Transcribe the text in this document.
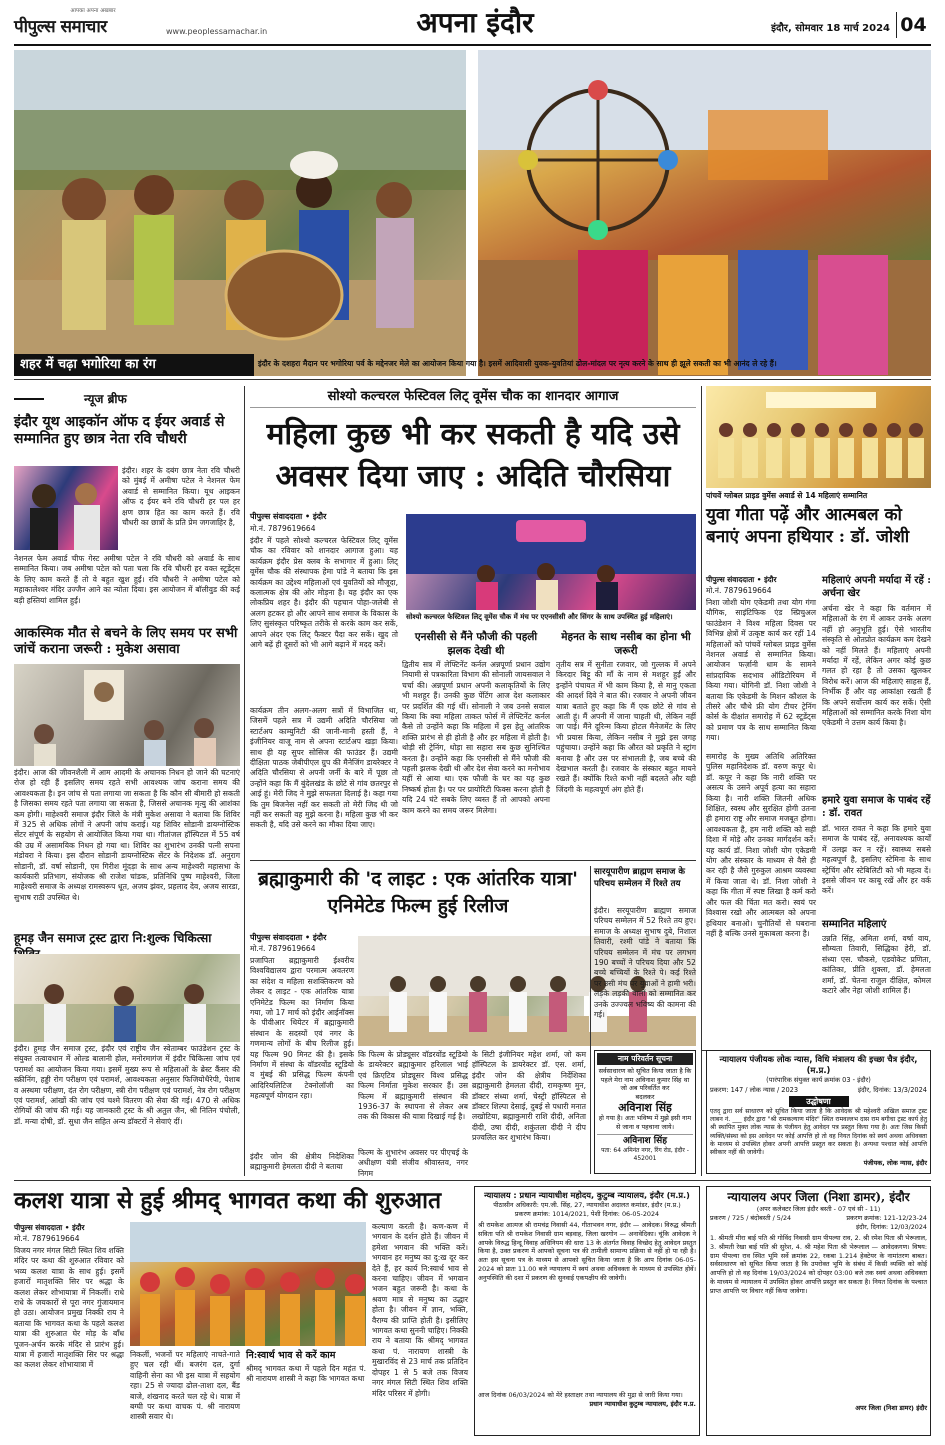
आपका अपना अखबार
पीपुल्स समाचार	www.peoplessamachar.in	अपना इंदौर	इंदौर, सोमवार 18 मार्च 2024 04
शहर में चढ़ा भगोरिया का रंग	इंदौर के दशहरा मैदान पर भगोरिया पर्व के मद्देनजर मेले का आयोजन किया गया है। इसमें आदिवासी युवक-युवतियां ढोल-मांदल पर नृत्य करने के साथ ही झूले सकती का भी आनंद ले रहे हैं।
न्यूज ब्रीफ
इंदौर यूथ आइकॉन ऑफ द ईयर अवार्ड से सम्मानित हुए छात्र नेता रवि चौधरी
इंदौर। शहर के दबंग छात्र नेता रवि चौधरी को मुंबई में अमीषा पटेल ने नेशनल फेम अवार्ड से सम्मानित किया। यूथ आइकन ऑफ द ईयर बने रवि चौधरी हर पल हर क्षण छात्र हित का काम करते हैं। रवि चौधरी का छात्रों के प्रति प्रेम जगजाहिर है,
नेशनल फेम अवार्ड चीफ गेस्ट अमीषा पटेल ने रवि चौधरी को अवार्ड के साथ सम्मानित किया। जब अमीषा पटेल को पता चला कि रवि चौधरी हर वक्त स्टूडेंट्स के लिए काम करते हैं तो वे बहुत खुश हुईं। रवि चौधरी ने अमीषा पटेल को महाकालेश्वर मंदिर उज्जैन आने का न्योता दिया। इस आयोजन में बॉलीवुड की कई बड़ी हस्तियां शामिल हुईं।
आकस्मिक मौत से बचने के लिए समय पर सभी जांचें कराना जरूरी : मुकेश असावा
इंदौर। आज की जीवनशैली में आम आदमी के अचानक निधन हो जाने की घटनाएं रोज हो रही हैं इसलिए समय रहते सभी आवश्यक जांच कराना समय की आवश्यकता है। इन जांच से पता लगाया जा सकता है कि कौन सी बीमारी हो सकती है जिसका समय रहते पता लगाया जा सकता है, जिससे अचानक मृत्यु की आशंका कम होगी। माहेश्वरी समाज इंदौर जिले के मंत्री मुकेश असावा ने बताया कि शिविर में 325 से अधिक लोगों ने अपनी जांच कराई। यह शिविर सोडानी डायग्नोस्टिक सेंटर संपूर्ण के सहयोग से आयोजित किया गया था। गीतांजल हॉस्पिटल में 55 वर्ष की उम्र में असामयिक निधन हो गया था। शिविर का शुभारंभ उनकी पत्नी सपना मंडोवरा ने किया। इस दौरान सोडानी डायग्नोस्टिक सेंटर के निदेशक डॉ. अनुराग सोडानी, डॉ. वर्षा सोडानी, एम गिरीश मूंदड़ा के साथ अन्य माहेश्वरी महासभा के कार्यकारी प्रतिभाग, संयोजक श्री राजेश चांडक, प्रतिनिधि पुष्प माहेश्वरी, जिला माहेश्वरी समाज के अध्यक्ष रामस्वरूप धूत, अजय झंवर, प्रहलाद देव, अजय सारडा, सुभाष राठी उपस्थित थे।
हूमड़ जैन समाज ट्रस्ट द्वारा नि:शुल्क चिकित्सा
इंदौर। हूमड़ जैन समाज ट्रस्ट, इंदौर एवं राष्ट्रीय जैन स्वेताम्बर फाउंडेशन ट्रस्ट के संयुक्त तत्वावधान में ओल्ड बालानी होल, मनोरमागंज में इंदौर चिकित्सा जांच एवं परामर्श का आयोजन किया गया। इसमें मुख्य रूप से महिलाओं के ब्रेस्ट कैंसर की स्क्रीनिंग, हड्डी रोग परीक्षण एवं परामर्श, आवश्यकता अनुसार फिजियोथैरेपी, पेशाब व अस्थमा परीक्षण, दंत रोग परीक्षण, स्त्री रोग परीक्षण एवं परामर्श, नेत्र रोग परीक्षण एवं परामर्श, आंखों की जांच एवं चश्मे वितरण की सेवा की गई। 470 से अधिक रोगियों की जांच की गई। यह जानकारी ट्रस्ट के श्री अतुल जैन, श्री नितिन पंचोली, डॉ. मन्या दोषी, डॉ. सुधा जैन सहित अन्य डॉक्टरों ने सेवाएं दीं।
सोश्यो कल्चरल फेस्टिवल लिट् वूमेंस चौक का शानदार आगाज
महिला कुछ भी कर सकती है यदि उसे अवसर दिया जाए : अदिति चौरसिया
पीपुल्स संवाददाता • इंदौर
मो.नं. 7879619664
इंदौर में पहले सोश्यो कल्चरल फेस्टिवल लिट् वूमेंस चौक का रविवार को शानदार आगाज हुआ। यह कार्यक्रम इंदौर प्रेस क्लब के सभागार में हुआ। लिट् वूमेंस चौक की संस्थापक हेमा पांडे ने बताया कि इस कार्यक्रम का उद्देश्य महिलाओं एवं युवतियों को मौजूदा, कलात्मक क्षेत्र की ओर मोड़ना है। यह इंदौर का एक लोकप्रिय शहर है। इंदौर की पहचान पोहा-जलेबी से अलग हटकर हो और आपने साथ समाज के विकास के लिए सुसंस्कृत परिष्कृत तरीके से करके काम कर सकें, आपने अंदर एक लिट् फैक्टर पैदा कर सकें। खुद तो आगे बढ़ें ही दूसरों को भी आगे बढ़ाने में मदद करें।
कार्यक्रम तीन अलग-अलग सत्रों में विभाजित था, जिसमें पहले सत्र में उद्यमी अदिति चौरसिया जो स्टार्टअप काम्युनिटी की जानी-मानी हस्ती हैं, ने इंजीनियर वाजू नाम से अपना स्टार्टअप खड़ा किया। साथ ही यह सुपर सोसिज की फाउंडर हैं। उद्यमी दीक्षिता पाठक जेबीपीएल ग्रुप की मैनेजिंग डायरेक्टर ने अदिति चौरसिया से अपनी जर्नी के बारे में पूछा तो उन्होंने कहा कि मैं बुंदेलखंड के छोटे से गांव छतरपुर से आई हूं। मेरी जिद ने मुझे सफलता दिलाई है। कहा गया कि तुम बिजनेस नहीं कर सकती तो मेरी जिद थी जो नहीं कर सकती वह मुझे करना है। महिला कुछ भी कर सकती है, यदि उसे करने का मौका दिया जाए।
सोश्यो कल्चरल फेस्टिवल लिट् वूमेंस चौक में मंच पर एएनसीसी और सिंगर के साथ उपस्थित हुई महिलाएं।
एनसीसी से मैंने फौजी की पहली झलक देखी थी
द्वितीय सत्र में लेफ्टिनेंट कर्नल अन्नपूर्णा प्रधान उद्योग नियामी से पत्रकारिता विभाग की सोनाली जायसवाल ने चर्चा की। अन्नपूर्णा प्रधान अपनी कलाकृतियों के लिए भी मशहूर हैं। उनकी कुछ पेंटिंग आज देश कलाकार पर प्रदर्शित की गई थीं। सोनाली ने जब उनसे सवाल किया कि क्या महिला ताकत फोर्स में लेफ्टिनेंट कर्नल कैसे तो उन्होंने कहा कि महिला में इस हेतु आंतरिक शक्ति प्रारंभ से ही होती है और हर महिला में होती है। थोड़ी सी ट्रेनिंग, थोड़ा सा सहारा सब कुछ सुनिश्चित करता है। उन्होंने कहा कि एनसीसी से मैंने फौजी की पहली झलक देखी थी और देश सेवा करने का मनोभाव यहीं से आया था। एक फौजी के घर का यह कुछ निष्कर्ष होता है। पर पर प्रायोरिटी फिक्स करना होती है यदि 24 घंटे सबके लिए व्यस्त हैं तो आपको अपना काम करने का समय जरूर मिलेगा।
मेहनत के साथ नसीब का होना भी जरूरी
तृतीय सत्र में सुनीता रजवार, जो गुल्लक में अपने किरदार बिट्टू की माँ के नाम से मशहूर हुईं और इन्होंने पंचायत में भी काम किया है, से मानु एकता की आदर्श दिवे ने बात की। रजवार ने अपनी जीवन यात्रा बताते हुए कहा कि मैं एक छोटे से गांव से आती हूं। मैं अपनी में जाना चाहती थी, लेकिन नहीं जा पाई। मैंने दूरिन्म किया होटल मैनेजमेंट के लिए भी प्रयास किया, लेकिन नसीब ने मुझे इस जगह पहुंचाया। उन्होंने कहा कि औरत को प्रकृति ने स्ट्रांग बनाया है और उस पर संभालती है, जब बच्चे की देखभाल करती है। रजवार के संस्कार बहुत मायने रखते हैं। क्योंकि रिश्ते कभी नहीं बदलते और यही जिंदगी के महत्वपूर्ण अंग होते हैं।
पांचवें ग्लोबल प्राइड वुमेंस अवार्ड से 14 महिलाएं सम्मानित
युवा गीता पढ़ें और आत्मबल को बनाएं अपना हथियार : डॉ. जोशी
पीपुल्स संवाददाता • इंदौर
मो.नं. 7879619664
निशा जोशी योग एकेडमी तथा योग गंगा यौगिक, साइंटिफिक एंड स्प्रिचुअल फाउंडेशन ने विश्व महिला दिवस पर विभिन्न क्षेत्रों में उत्कृष्ट कार्य कर रहीं 14 महिलाओं को पांचवें ग्लोबल प्राइड वुमेंस नेशनल अवार्ड से सम्मानित किया। आयोजन फर्ज़ानी धाम के सामने सांप्रदायिक सदभाव ऑडिटोरियम में किया गया। योगिनी डॉ. निशा जोशी ने बताया कि एकेडमी के मिशन कौशल के तीसरे और चौथे फ्री योग टीचर ट्रेनिंग कोर्स के दीक्षांत समारोह में 62 स्टूडेंट्स को प्रमाण पत्र के साथ सम्मानित किया गया।
समारोह के मुख्य अतिथि अतिरिक्त पुलिस महानिदेशक डॉ. वरुण कपूर थे। डॉ. कपूर ने कहा कि नारी शक्ति पर असत्य के उसने अपूर्व हत्या का सहारा किया है। नारी शक्ति जितनी अधिक शिक्षित, स्वस्थ और सुरक्षित होगी उतना ही हमारा राष्ट्र और समाज मजबूत होगा। आवश्यकता है, हम नारी शक्ति को सही दिशा में मोड़े और उनका मार्गदर्शन करें। यह कार्य डॉ. निशा जोशी योग एकेडमी योग और संस्कार के माध्यम से वैसे ही कर रही है जैसे गुरुकुल आश्रम व्यवस्था में किया जाता थे। डॉ. निशा जोशी ने कहा कि गीता में स्पष्ट लिखा है कर्म करो और फल की चिंता मत करो। स्वयं पर विश्वास रखो और आत्मबल को अपना हथियार बनाओ। चुनौतियों से घबराना नहीं है बल्कि उनसे मुकाबला करना है।
महिलाएं अपनी मर्यादा में रहें : अर्चना खेर
अर्चना खेर ने कहा कि वर्तमान में महिलाओं के रंग में आकर उनके अलग नहीं हो अनुभूति हुई। ऐसे भारतीय संस्कृति से ओतप्रोत कार्यक्रम कम देखने को नहीं मिलते हैं। महिलाएं अपनी मर्यादा में रहें, लेकिन अगर कोई कुछ गलत हो रहा है तो उसका खुलकर विरोध करें। आज की महिलाएं साहस हैं, निर्भीक हैं और वह आकांक्षा रखती हैं कि अपने सर्वोत्तम कार्य कर सकें। ऐसी महिलाओं को सम्मानित करके निशा योग एकेडमी ने उत्तम कार्य किया है।
हमारे युवा समाज के पाबंद रहें : डॉ. रावत
डॉ. भारत रावत ने कहा कि हमारे युवा समाज के पाबंद रहें, अनावश्यक कार्यों में उलझ कर न रहें। स्वास्थ्य सबसे महत्वपूर्ण है, इसलिए स्टेमिना के साथ स्ट्रेचिंग और स्टेबिलिटी को भी महत्व दें। इससे जीवन पर काबू रखें और हर वर्क करें।
सम्मानित महिलाएं
उन्नति सिंह, अमिता शर्मा, वर्षा वाय, सौम्यता तिवारी, सिद्धिका हेरी, डॉ. संध्या एस. चौकसे, एडवोकेट प्रणिता, कांतिका, प्रीति शुक्ला, डॉ. हेमलता शर्मा, डॉ. चेतना राजुल दीक्षित, कोमल कटारे और नेहा जोशी शामिल हैं।
ब्रह्माकुमारी की 'द लाइट : एक आंतरिक यात्रा' एनिमेटेड फिल्म हुई रिलीज
पीपुल्स संवाददाता • इंदौर
मो.नं. 7879619664
प्रजापिता ब्रह्माकुमारी ईश्वरीय विश्वविद्यालय द्वारा परमात्म अवतरण का संदेश व महिला सशक्तिकरण को लेकर द लाइट - एक आंतरिक यात्रा एनिमेटेड फिल्म का निर्माण किया गया, जो 17 मार्च को इंदौर आईनॉक्स के पीवीआर थियेटर में ब्रह्माकुमारी संस्थान के सदस्यों एवं नगर के गणमान्य लोगों के बीच रिलीज हुई। यह फिल्म 90 मिनट की है। इसके निर्माण में संस्था के वॉडरवोंड स्टूडियो व मुंबई की प्रसिद्ध फिल्म कंपनी आदिरियलिटिज टेक्नोलॉजी का महत्वपूर्ण योगदान रहा।
इंदौर जोन की क्षेत्रीय निदेशिका ब्रह्माकुमारी हेमलता दीदी ने बताया
कि फिल्म के प्रोड्यूसर वॉडरवोंड स्टूडियो के डायरेक्टर ब्रह्माकुमार हरिलाल भाई एवं क्रिएटिव प्रोड्यूसर विश्व प्रसिद्ध फिल्म निर्माता मुकेश सरकार हैं। उस फिल्म में ब्रह्माकुमारी संस्थान की 1936-37 के स्थापना से लेकर अब तक की विकास की यात्रा दिखाई गई है।
फिल्म के शुभारंभ अवसर पर पीएचई के अधीक्षण यंत्री संजीव श्रीवास्तव, नगर निगम
के सिटी इंजीनियर महेश शर्मा, जो कम हॉस्पिटल के डायरेक्टर डॉ. एस. शर्मा, इंदौर जोन की क्षेत्रीय निर्देशिका ब्रह्माकुमारी हेमलता दीदी, रामकृष्ण मुन, डॉक्टर संध्या शर्मा, चेस्ट्री हॉस्पिटल से डॉक्टर शिल्पा देसाई, दुबई से पधारी मनात लखोटिया, ब्रह्माकुमारी राशि दीदी, अनिता दीदी, उषा दीदी, शकुंतला दीदी ने दीप प्रज्वलित कर शुभारंभ किया।
नाम परिवर्तन सूचना
सर्वसाधारण को सूचित किया जाता है कि पहले मेरा नाम अविनाश कुमार सिंह था जो अब परिवर्तित कर
बदलकर
अविनाश सिंह
हो गया है। अतः भविष्य में मुझे इसी नाम से जाना व पहचाना जाये।
अविनाश सिंह
पता: 64 अमिनंत नगर, रिंग रोड, इंदौर - 452001
न्यायालय पंजीयक लोक न्यास, विधि मंत्रालय की इच्छा चैत्र इंदौर, (म.प्र.)
(पारंपारिक संयुक्त कार्य क्रमांक 03 - इंदौर)
प्रकरण: 147 / लोक न्यास / 2023	इंदौर, दिनांक: 13/3/2024
उद्घोषणा
एतद् द्वारा सर्व साधारण को सूचित किया जाता है कि आवेदक श्री महेश्वरी अखिल समाज ट्रस्ट लाबन नं. ___ इंदौर द्वारा "श्री रामकल्याण मंदिर" स्थित रामवल्लभ दास राम बगीचा ट्रस्ट कार्य हेतु श्री स्थापित मुक्त लोक न्यास के पंजीयन हेतु आवेदन पत्र प्रस्तुत किया गया है। अतः जिस किसी व्यक्ति/संस्था को इस आवेदन पर कोई आपत्ति हो तो वह नियत दिनांक को स्वयं अथवा अधिवक्ता के माध्यम से उपस्थित होकर अपनी आपत्ति प्रस्तुत कर सकता है। अन्यथा पश्चात कोई आपत्ति स्वीकार नहीं की जावेगी।
पंजीयक, लोक न्यास, इंदौर
कलश यात्रा से हुई श्रीमद् भागवत कथा की शुरुआत
पीपुल्स संवाददाता • इंदौर
मो.नं. 7879619664
विजय नगर मंगल सिटी स्थित शिव शक्ति मंदिर पर कथा की शुरुआत रविवार को भव्य कलश यात्रा के साथ हुई। इसमें हजारों मातृशक्ति सिर पर श्रद्धा के कलश लेकर शोभायात्रा में निकलीं। राधे राधे के जयकारों से पूरा नगर गुंजायमान हो उठा। आयोजन प्रमुख निक्की राय ने बताया कि भागवत कथा के पहले कलश यात्रा की शुरुआत घेर मोड़ के बाँध पूजन-अर्चन करके मंदिर से प्रारंभ हुई। यात्रा में हजारों मातृशक्ति सिर पर श्रद्धा का कलश लेकर शोभायात्रा में
निकलीं, भजनों पर महिलाएं नाचते-गाते हुए चल रही थीं। बजरंग दल, दुर्गा वाहिनी सेना का भी इस यात्रा में सहयोग रहा। 25 से ज्यादा ढोल-ताशा दल, बैंड बाजे, शंखनाद करते चल रहे थे। यात्रा में बग्घी पर कथा वाचक पं. श्री नारायण शास्त्री सवार थे।
नि:स्वार्थ भाव से करें काम
श्रीमद् भागवत कथा में पहले दिन महंत पं. श्री नारायण शास्त्री ने कहा कि भागवत कथा
कल्याण करती है। कण-कण में भगवान के दर्शन होते हैं। जीवन में हमेशा भगवान की भक्ति करें। भगवान हर मनुष्य का दु:ख दूर कर देते हैं, हर कार्य नि:स्वार्थ भाव से करना चाहिए। जीवन में भगवान भजन बहुत जरूरी है। कथा के श्रवण मात्र से मनुष्य का उद्धार होता है। जीवन में ज्ञान, भक्ति, वैराग्य की प्राप्ति होती है। इसीलिए भागवत कथा सुननी चाहिए। निक्की राय ने बताया कि श्रीमद् भागवत कथा पं. नारायण शास्त्री के मुखारविंद से 23 मार्च तक प्रतिदिन दोपहर 1 से 5 बजे तक विजय नगर मंगल सिटी स्थित शिव शक्ति मंदिर परिसर में होगी।
न्यायालय : प्रधान न्यायाधीश महोदय, कुटुम्ब न्यायालय, इंदौर (म.प्र.)
पीठासीन अधिकारी: एम.जी. सिंह, 27, न्यायाधीश अदालत कमांडर, इंदौर (म.प्र.)
प्रकरण क्रमांक: 1014/2021, पेशी दिनांक: 06-05-2024
श्री रामकेश आत्मज श्री रामचंद्र निवासी 44, गीताभवन नगर, इंदौर — आवेदक। विरुद्ध श्रीमती सविता पति श्री रामकेश निवासी ग्राम बड़वाह, जिला खरगोन — अनावेदिका। चूंकि आवेदक ने आपके विरुद्ध हिन्दू विवाह अधिनियम की धारा 13 के अंतर्गत विवाह विच्छेद हेतु आवेदन प्रस्तुत किया है, उक्त प्रकरण में आपको सूचना पत्र की तामीली सामान्य प्रक्रिया से नहीं हो पा रही है। अतः इस सूचना पत्र के माध्यम से आपको सूचित किया जाता है कि आप दिनांक 06-05-2024 को प्रातः 11.00 बजे न्यायालय में स्वयं अथवा अधिवक्ता के माध्यम से उपस्थित होवें। अनुपस्थिति की दशा में प्रकरण की सुनवाई एकपक्षीय की जावेगी।
आज दिनांक 06/03/2024 को मेरे हस्ताक्षर तथा न्यायालय की मुद्रा से जारी किया गया।
प्रधान न्यायाधीश कुटुम्ब न्यायालय, इंदौर म.प्र.
न्यायालय अपर जिला (निशा डामर), इंदौर
(अपर कलेक्टर जिला इंदौर बस्ती - 07 एवं सी - 11)
प्रकरण / 725 / बंदोबस्ती / 5/24	प्रकरण क्रमांक: 121-12/23-24
इंदौर, दिनांक: 12/03/2024
1. श्रीमती मीरा बाई पति श्री गोविंद निवासी ग्राम पीपल्या राव, 2. श्री रमेश पिता श्री भेरूलाल, 3. श्रीमती रेखा बाई पति श्री सुरेश, 4. श्री महेश पिता श्री भेरूलाल — आवेदकगण। विषय: ग्राम पीपल्या राव स्थित भूमि सर्वे क्रमांक 22, रकबा 1.214 हेक्टेयर के नामांतरण बाबत। सर्वसाधारण को सूचित किया जाता है कि उपरोक्त भूमि के संबंध में किसी व्यक्ति को कोई आपत्ति हो तो वह दिनांक 19/03/2024 को दोपहर 03:00 बजे तक स्वयं अथवा अधिवक्ता के माध्यम से न्यायालय में उपस्थित होकर आपत्ति प्रस्तुत कर सकता है। नियत दिनांक के पश्चात प्राप्त आपत्ति पर विचार नहीं किया जावेगा।
अपर जिला (निशा डामर) इंदौर
सारयूपारीण ब्राह्मण समाज के परिचय सम्मेलन में रिश्ते तय
इंदौर। सरयूपारीण ब्राह्मण समाज परिचय सम्मेलन में 52 रिश्ते तय हुए। समाज के अध्यक्ष सुभाष दुबे, निशाल तिवारी, रश्मी पांडे ने बताया कि परिचय सम्मेलन में मंच पर लगभग 190 बच्चों ने परिचय दिया और 52 बच्चे बच्चियों के रिश्ते पे। कई रिश्ते पर उसी मंच पर युवाओं ने हामी भरी। लड़के लड़की वालों को सम्मानित कर उनके उज्ज्वल भविष्य की कामना की गई।
